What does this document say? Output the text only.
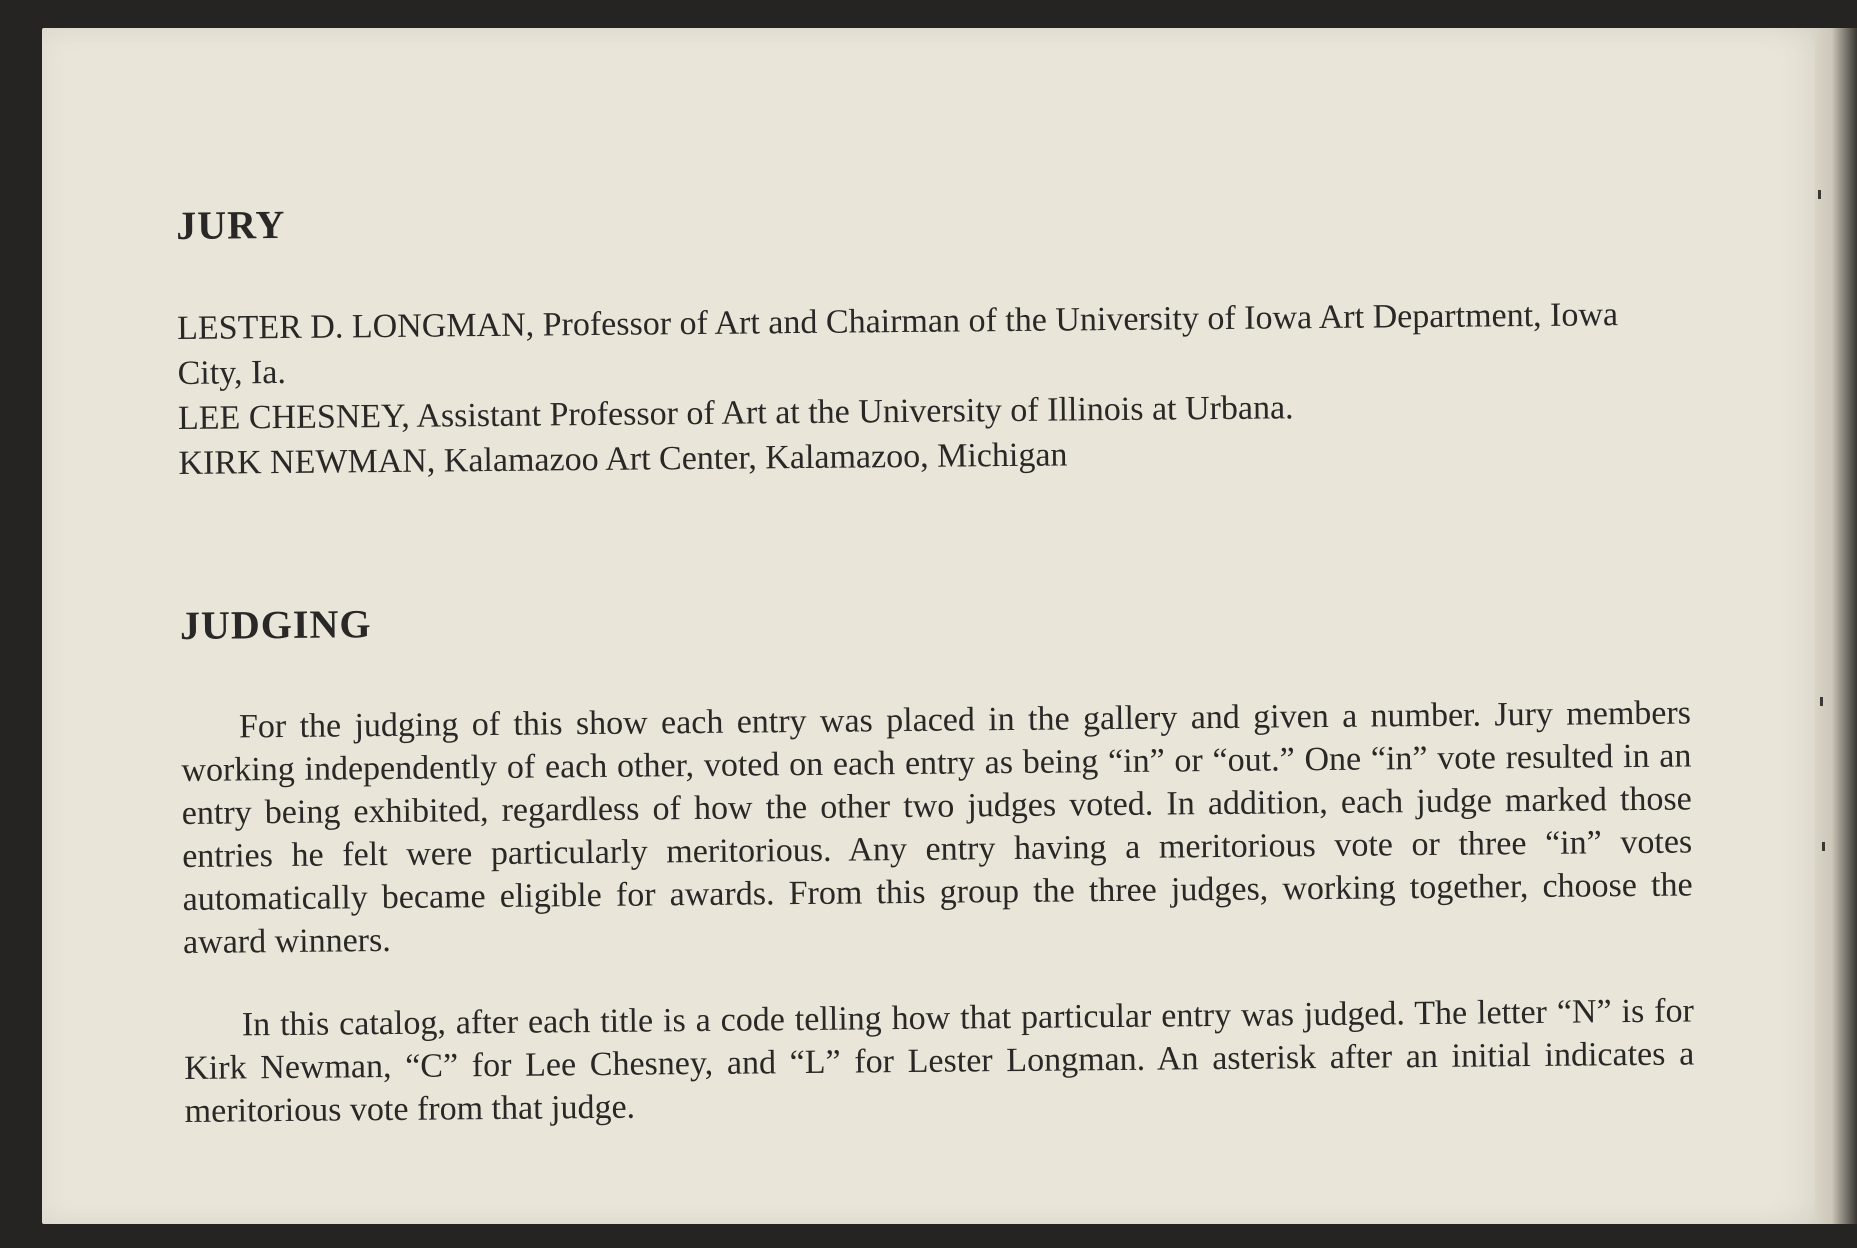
JURY

LESTER D. LONGMAN, Professor of Art and Chairman of the University of Iowa Art Department, Iowa City, Ia.

LEE CHESNEY, Assistant Professor of Art at the University of Illinois at Urbana.

KIRK NEWMAN, Kalamazoo Art Center, Kalamazoo, Michigan

JUDGING

For the judging of this show each entry was placed in the gallery and given a number. Jury members working independently of each other, voted on each entry as being “in” or “out.” One “in” vote resulted in an entry being exhibited, regardless of how the other two judges voted. In addition, each judge marked those entries he felt were particularly meritorious. Any entry having a meritorious vote or three “in” votes automatically became eligible for awards. From this group the three judges, working together, choose the award winners.

In this catalog, after each title is a code telling how that particular entry was judged. The letter “N” is for Kirk Newman, “C” for Lee Chesney, and “L” for Lester Longman. An asterisk after an initial indicates a meritorious vote from that judge.
